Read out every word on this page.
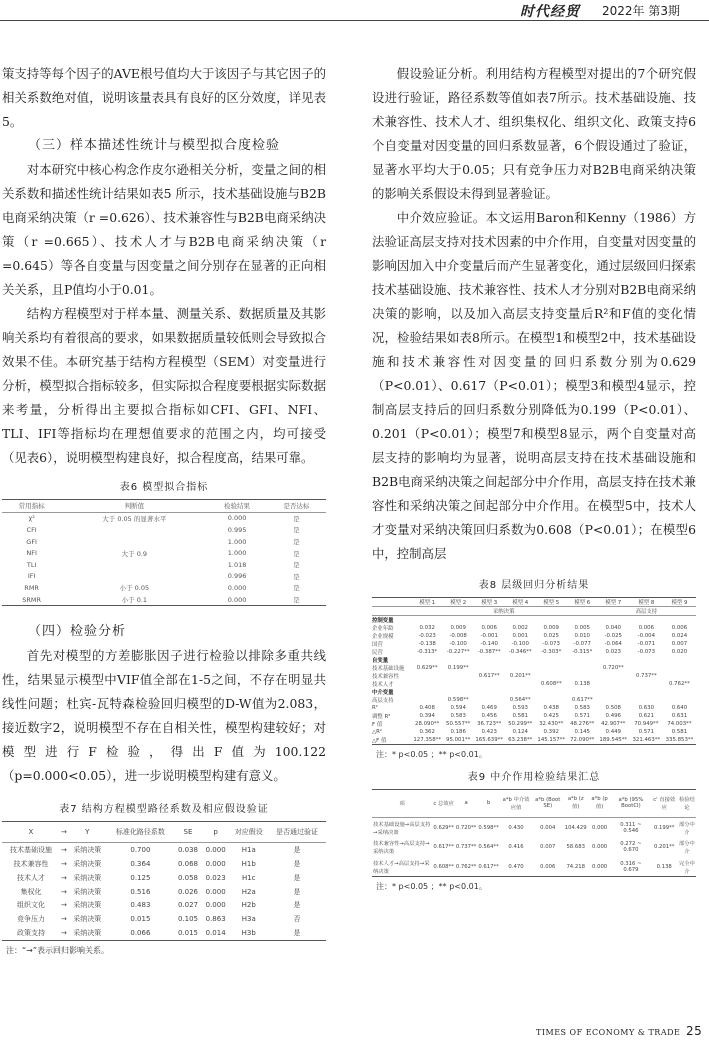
时代经贸 2022年 第3期

策支持等每个因子的AVE根号值均大于该因子与其它因子的相关系数绝对值，说明该量表具有良好的区分效度，详见表5。

（三）样本描述性统计与模型拟合度检验

对本研究中核心构念作皮尔逊相关分析，变量之间的相关系数和描述性统计结果如表5 所示，技术基础设施与B2B电商采纳决策（r =0.626）、技术兼容性与B2B电商采纳决策（r =0.665）、技术人才与B2B电商采纳决策（r =0.645）等各自变量与因变量之间分别存在显著的正向相关关系，且P值均小于0.01。

结构方程模型对于样本量、测量关系、数据质量及其影响关系均有着很高的要求，如果数据质量较低则会导致拟合效果不佳。本研究基于结构方程模型（SEM）对变量进行分析，模型拟合指标较多，但实际拟合程度要根据实际数据来考量，分析得出主要拟合指标如CFI、GFI、NFI、TLI、IFI等指标均在理想值要求的范围之内，均可接受（见表6），说明模型构建良好，拟合程度高，结果可靠。

表6 模型拟合指标
常用指标	判断值	检验结果	是否达标
χ²	大于 0.05 的显著水平	0.000	是
CFI		0.995	是
GFI		1.000	是
NFI	大于 0.9	1.000	是
TLI		1.018	是
IFI		0.996	是
RMR	小于 0.05	0.000	是
SRMR	小于 0.1	0.000	是

（四）检验分析

首先对模型的方差膨胀因子进行检验以排除多重共线性，结果显示模型中VIF值全部在1-5之间，不存在明显共线性问题；杜宾-瓦特森检验回归模型的D-W值为2.083，接近数字2，说明模型不存在自相关性，模型构建较好；对模型进行F检验，得出F值为100.122（p=0.000<0.05），进一步说明模型构建有意义。

表7 结构方程模型路径系数及相应假设验证
X	→	Y	标准化路径系数	SE	p	对应假设	是否通过验证
技术基础设施	→	采纳决策	0.700	0.038	0.000	H1a	是
技术兼容性	→	采纳决策	0.364	0.068	0.000	H1b	是
技术人才	→	采纳决策	0.125	0.058	0.023	H1c	是
集权化	→	采纳决策	0.516	0.026	0.000	H2a	是
组织文化	→	采纳决策	0.483	0.027	0.000	H2b	是
竞争压力	→	采纳决策	0.015	0.105	0.863	H3a	否
政策支持	→	采纳决策	0.066	0.015	0.014	H3b	是
注：“→”表示回归影响关系。

假设验证分析。利用结构方程模型对提出的7个研究假设进行验证，路径系数等值如表7所示。技术基础设施、技术兼容性、技术人才、组织集权化、组织文化、政策支持6个自变量对因变量的回归系数显著，6个假设通过了验证，显著水平均大于0.05；只有竞争压力对B2B电商采纳决策的影响关系假设未得到显著验证。

中介效应验证。本文运用Baron和Kenny（1986）方法验证高层支持对技术因素的中介作用，自变量对因变量的影响因加入中介变量后而产生显著变化，通过层级回归探索技术基础设施、技术兼容性、技术人才分别对B2B电商采纳决策的影响，以及加入高层支持变量后R²和F值的变化情况，检验结果如表8所示。在模型1和模型2中，技术基础设施和技术兼容性对因变量的回归系数分别为0.629（P<0.01）、0.617（P<0.01）；模型3和模型4显示，控制高层支持后的回归系数分别降低为0.199（P<0.01）、0.201（P<0.01）；模型7和模型8显示，两个自变量对高层支持的影响均为显著，说明高层支持在技术基础设施和B2B电商采纳决策之间起部分中介作用，高层支持在技术兼容性和采纳决策之间起部分中介作用。在模型5中，技术人才变量对采纳决策回归系数为0.608（P<0.01）；在模型6中，控制高层

表8 层级回归分析结果
	模型 1	模型 2	模型 3	模型 4	模型 5	模型 6	模型 7	模型 8	模型 9
	采纳决策						高层支持		
控制变量									
企业年龄	0.032	0.009	0.006	0.002	0.009	0.005	0.040	0.006	0.006
企业规模	-0.023	-0.008	-0.001	0.001	0.025	0.010	-0.025	-0.004	0.024
国营	-0.138	-0.100	-0.140	-0.100	-0.073	-0.077	-0.064	-0.071	0.007
民营	-0.313*	-0.227**	-0.387**	-0.346**	-0.303*	-0.315*	0.023	-0.073	0.020
自变量									
技术基础设施	0.629**	0.199**					0.720**		
技术兼容性			0.617**	0.201**				0.737**	
技术人才					0.608**	0.138			0.762**
中介变量									
高层支持		0.598**		0.564**		0.617**			
R²	0.408	0.594	0.469	0.593	0.438	0.583	0.508	0.630	0.640
调整 R²	0.394	0.583	0.456	0.581	0.425	0.571	0.496	0.621	0.631
F 值	28.090**	50.557**	36.723**	50.299**	32.430**	48.276**	42.907**	70.949**	74.003**
△R²	0.362	0.186	0.423	0.124	0.392	0.145	0.449	0.571	0.581
△F 值	127.358**	95.001**	165.639**	63.238**	145.157**	72.090**	189.545**	321.463**	335.853**
注：* p<0.05 ；** p<0.01。
表9 中介作用检验结果汇总
项	c 总效应	a	b	a*b 中介效应值	a*b (Boot SE)	a*b (z值)	a*b (p值)	a*b (95% BootCI)	c' 直接效应	检验结论
技术基础设施→高层支持→采纳决策	0.629**	0.720**	0.598**	0.430	0.004	104.429	0.000	0.311 ~ 0.546	0.199**	部分中介
技术兼容性→高层支持→采纳决策	0.617**	0.737**	0.564**	0.416	0.007	58.683	0.000	0.272 ~ 0.670	0.201**	部分中介
技术人才→高层支持→采纳决策	0.608**	0.762**	0.617**	0.470	0.006	74.218	0.000	0.316 ~ 0.679	0.138	完全中介
注：* p<0.05 ；** p<0.01。
TIMES OF ECONOMY & TRADE 25
